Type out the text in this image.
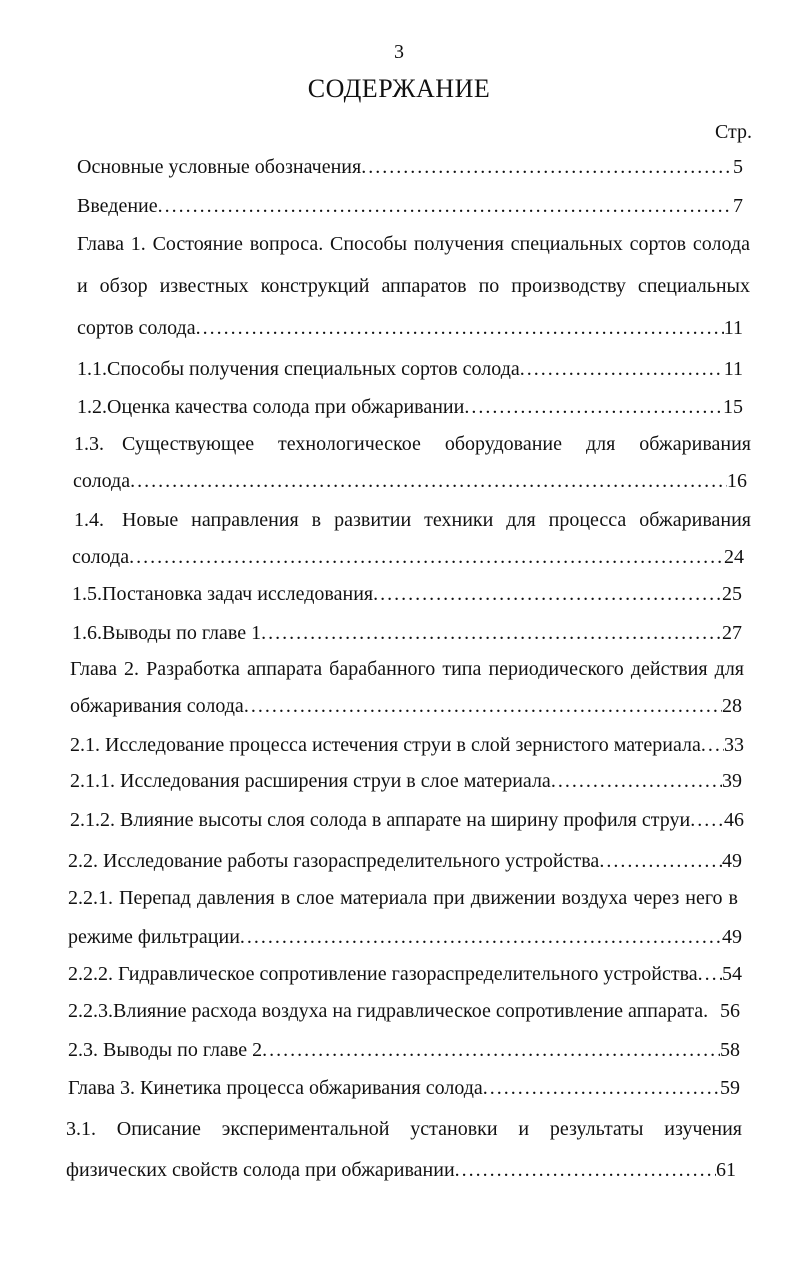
3
СОДЕРЖАНИЕ
Стр.
Основные условные обозначения .....	5
Введение .....	7
Глава 1. Состояние вопроса. Способы получения специальных сортов солода
и обзор известных конструкций аппаратов по производству специальных
сортов солода .....	11
1.1. Способы получения специальных сортов солода .....	11
1.2. Оценка качества солода при обжаривании .....	15
1.3. Существующее технологическое оборудование для обжаривания
солода .....	16
1.4. Новые направления в развитии техники для процесса обжаривания
солода .....	24
1.5. Постановка задач исследования .....	25
1.6. Выводы по главе 1 .....	27
Глава 2. Разработка аппарата барабанного типа периодического действия для
обжаривания солода .....	28
2.1. Исследование процесса истечения струи в слой зернистого материала ..... 33
2.1.1. Исследования расширения струи в слое материала .....	39
2.1.2. Влияние высоты слоя солода в аппарате на ширину профиля струи ..... 46
2.2. Исследование работы газораспределительного устройства .....	49
2.2.1. Перепад давления в слое материала при движении воздуха через него в
режиме фильтрации .....	49
2.2.2. Гидравлическое сопротивление газораспределительного устройства ..... 54
2.2.3.Влияние расхода воздуха на гидравлическое сопротивление аппарата. 56
2.3. Выводы по главе 2 .....	58
Глава 3. Кинетика процесса обжаривания солода .....	59
3.1. Описание экспериментальной установки и результаты изучения
физических свойств солода при обжаривании .....	61
